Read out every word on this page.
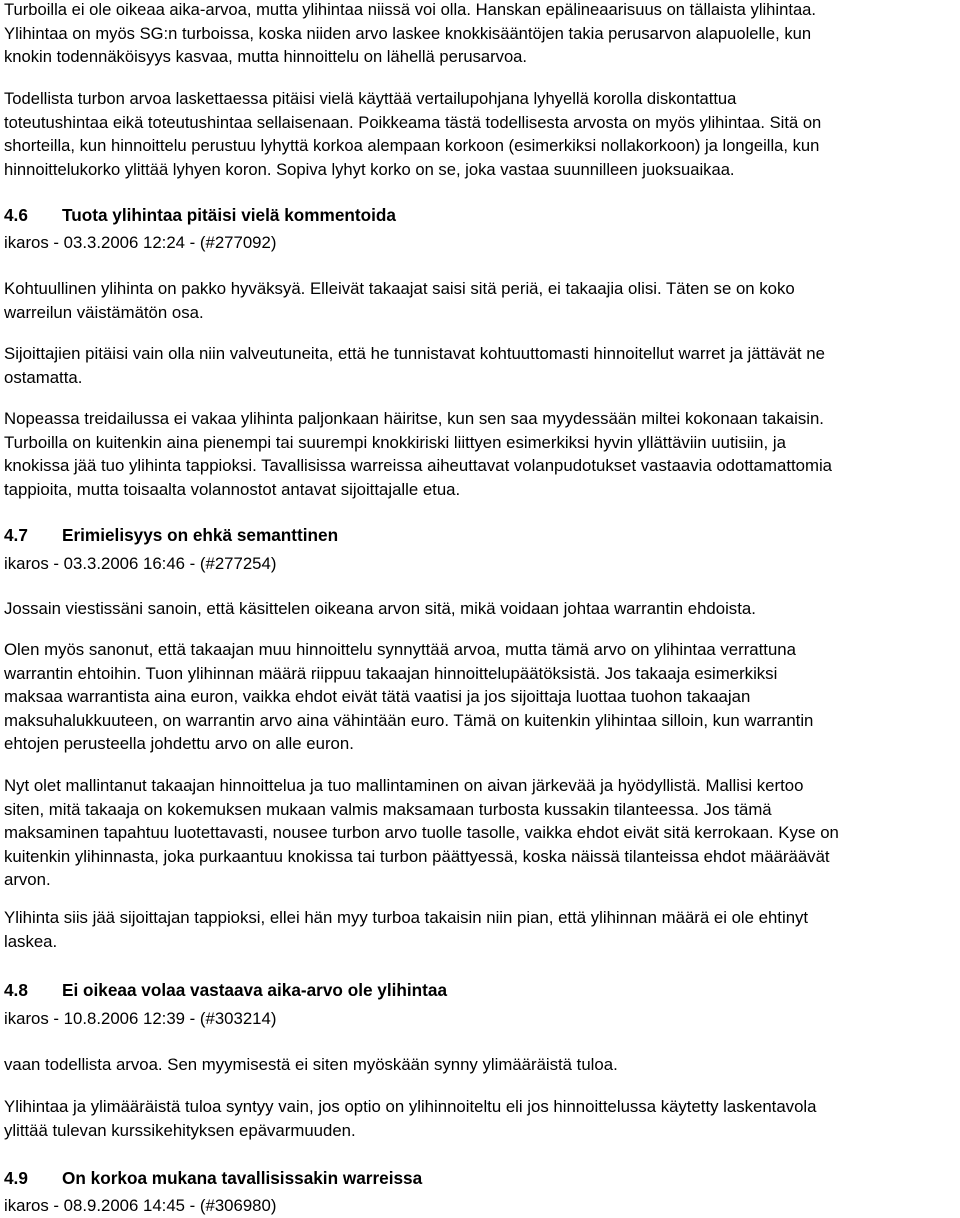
Turboilla ei ole oikeaa aika-arvoa, mutta ylihintaa niissä voi olla. Hanskan epälineaarisuus on tällaista ylihintaa.
Ylihintaa on myös SG:n turboissa, koska niiden arvo laskee knokkisääntöjen takia perusarvon alapuolelle, kun
knokin todennäköisyys kasvaa, mutta hinnoittelu on lähellä perusarvoa.

Todellista turbon arvoa laskettaessa pitäisi vielä käyttää vertailupohjana lyhyellä korolla diskontattua
toteutushintaa eikä toteutushintaa sellaisenaan. Poikkeama tästä todellisesta arvosta on myös ylihintaa. Sitä on
shorteilla, kun hinnoittelu perustuu lyhyttä korkoa alempaan korkoon (esimerkiksi nollakorkoon) ja longeilla, kun
hinnoittelukorko ylittää lyhyen koron. Sopiva lyhyt korko on se, joka vastaa suunnilleen juoksuaikaa.

4.6 Tuota ylihintaa pitäisi vielä kommentoida
ikaros - 03.3.2006 12:24 - (#277092)

Kohtuullinen ylihinta on pakko hyväksyä. Elleivät takaajat saisi sitä periä, ei takaajia olisi. Täten se on koko
warreilun väistämätön osa.

Sijoittajien pitäisi vain olla niin valveutuneita, että he tunnistavat kohtuuttomasti hinnoitellut warret ja jättävät ne
ostamatta.

Nopeassa treidailussa ei vakaa ylihinta paljonkaan häiritse, kun sen saa myydessään miltei kokonaan takaisin.
Turboilla on kuitenkin aina pienempi tai suurempi knokkiriski liittyen esimerkiksi hyvin yllättäviin uutisiin, ja
knokissa jää tuo ylihinta tappioksi. Tavallisissa warreissa aiheuttavat volanpudotukset vastaavia odottamattomia
tappioita, mutta toisaalta volannostot antavat sijoittajalle etua.

4.7 Erimielisyys on ehkä semanttinen
ikaros - 03.3.2006 16:46 - (#277254)

Jossain viestissäni sanoin, että käsittelen oikeana arvon sitä, mikä voidaan johtaa warrantin ehdoista.

Olen myös sanonut, että takaajan muu hinnoittelu synnyttää arvoa, mutta tämä arvo on ylihintaa verrattuna
warrantin ehtoihin. Tuon ylihinnan määrä riippuu takaajan hinnoittelupäätöksistä. Jos takaaja esimerkiksi
maksaa warrantista aina euron, vaikka ehdot eivät tätä vaatisi ja jos sijoittaja luottaa tuohon takaajan
maksuhalukkuuteen, on warrantin arvo aina vähintään euro. Tämä on kuitenkin ylihintaa silloin, kun warrantin
ehtojen perusteella johdettu arvo on alle euron.

Nyt olet mallintanut takaajan hinnoittelua ja tuo mallintaminen on aivan järkevää ja hyödyllistä. Mallisi kertoo
siten, mitä takaaja on kokemuksen mukaan valmis maksamaan turbosta kussakin tilanteessa. Jos tämä
maksaminen tapahtuu luotettavasti, nousee turbon arvo tuolle tasolle, vaikka ehdot eivät sitä kerrokaan. Kyse on
kuitenkin ylihinnasta, joka purkaantuu knokissa tai turbon päättyessä, koska näissä tilanteissa ehdot määräävät
arvon.

Ylihinta siis jää sijoittajan tappioksi, ellei hän myy turboa takaisin niin pian, että ylihinnan määrä ei ole ehtinyt
laskea.

4.8 Ei oikeaa volaa vastaava aika-arvo ole ylihintaa
ikaros - 10.8.2006 12:39 - (#303214)

vaan todellista arvoa. Sen myymisestä ei siten myöskään synny ylimääräistä tuloa.

Ylihintaa ja ylimääräistä tuloa syntyy vain, jos optio on ylihinnoiteltu eli jos hinnoittelussa käytetty laskentavola
ylittää tulevan kurssikehityksen epävarmuuden.

4.9 On korkoa mukana tavallisissakin warreissa
ikaros - 08.9.2006 14:45 - (#306980)
